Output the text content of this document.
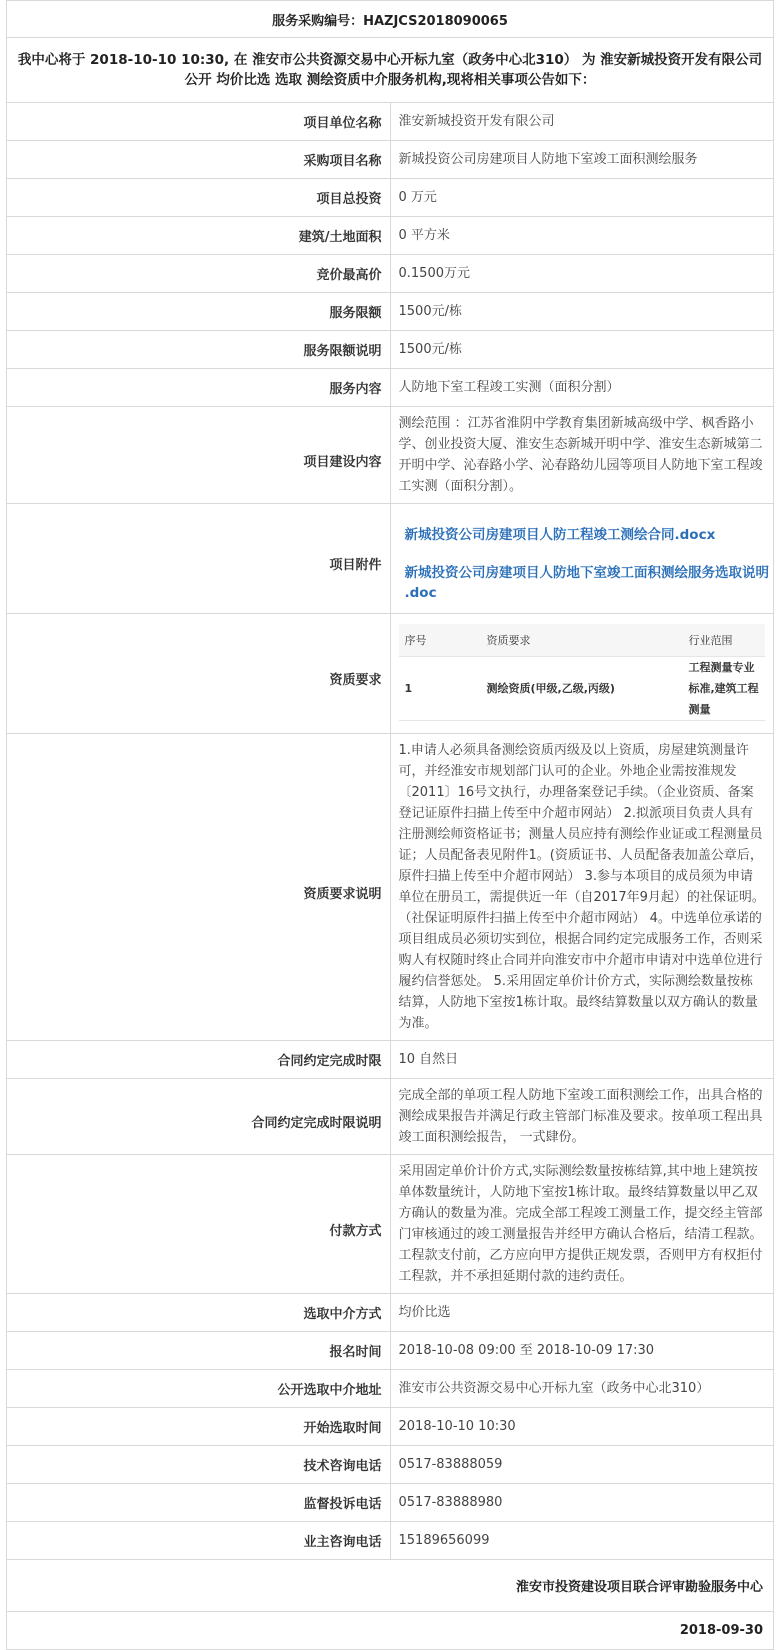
服务采购编号：HAZJCS2018090065
我中心将于 2018-10-10 10:30, 在 淮安市公共资源交易中心开标九室（政务中心北310） 为 淮安新城投资开发有限公司 公开 均价比选 选取 测绘资质中介服务机构,现将相关事项公告如下：
项目单位名称	淮安新城投资开发有限公司
采购项目名称	新城投资公司房建项目人防地下室竣工面积测绘服务
项目总投资	0 万元
建筑/土地面积	0 平方米
竞价最高价	0.1500万元
服务限额	1500元/栋
服务限额说明	1500元/栋
服务内容	人防地下室工程竣工实测（面积分割）
项目建设内容	测绘范围 ：江苏省淮阴中学教育集团新城高级中学、枫香路小学、创业投资大厦、淮安生态新城开明中学、淮安生态新城第二开明中学、沁春路小学、沁春路幼儿园等项目人防地下室工程竣工实测（面积分割）。
项目附件	
新城投资公司房建项目人防工程竣工测绘合同.docx
新城投资公司房建项目人防地下室竣工面积测绘服务选取说明 .doc

资质要求	
序号	资质要求	行业范围
1	测绘资质(甲级,乙级,丙级)	工程测量专业标准,建筑工程测量

资质要求说明	1.申请人必须具备测绘资质丙级及以上资质，房屋建筑测量许可，并经淮安市规划部门认可的企业。外地企业需按淮规发〔2011〕16号文执行，办理备案登记手续。（企业资质、备案登记证原件扫描上传至中介超市网站） 2.拟派项目负责人具有注册测绘师资格证书；测量人员应持有测绘作业证或工程测量员证；人员配备表见附件1。(资质证书、人员配备表加盖公章后，原件扫描上传至中介超市网站） 3.参与本项目的成员须为申请单位在册员工，需提供近一年（自2017年9月起）的社保证明。（社保证明原件扫描上传至中介超市网站） 4。中选单位承诺的项目组成员必须切实到位，根据合同约定完成服务工作，否则采购人有权随时终止合同并向淮安市中介超市申请对中选单位进行履约信誉惩处。 5.采用固定单价计价方式，实际测绘数量按栋结算，人防地下室按1栋计取。最终结算数量以双方确认的数量为准。
合同约定完成时限	10 自然日
合同约定完成时限说明	完成全部的单项工程人防地下室竣工面积测绘工作，出具合格的测绘成果报告并满足行政主管部门标准及要求。按单项工程出具竣工面积测绘报告， 一式肆份。
付款方式	采用固定单价计价方式,实际测绘数量按栋结算,其中地上建筑按单体数量统计，人防地下室按1栋计取。最终结算数量以甲乙双方确认的数量为准。完成全部工程竣工测量工作，提交经主管部门审核通过的竣工测量报告并经甲方确认合格后，结清工程款。工程款支付前，乙方应向甲方提供正规发票，否则甲方有权拒付工程款，并不承担延期付款的违约责任。
选取中介方式	均价比选
报名时间	2018-10-08 09:00 至 2018-10-09 17:30
公开选取中介地址	淮安市公共资源交易中心开标九室（政务中心北310）
开始选取时间	2018-10-10 10:30
技术咨询电话	0517-83888059
监督投诉电话	0517-83888980
业主咨询电话	15189656099
淮安市投资建设项目联合评审勘验服务中心
2018-09-30
